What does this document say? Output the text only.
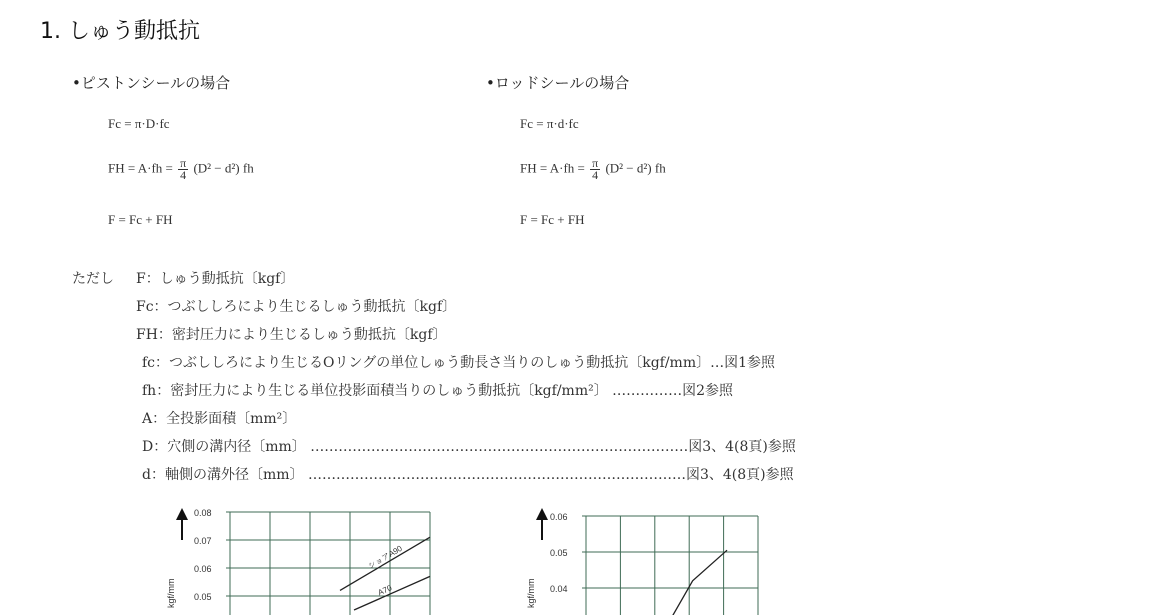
1. しゅう動抵抗
•ピストンシールの場合
Fc = π·D·fc
FH = $A\cdot fh = \frac{\pi}{4} (D^2 - d^2)$ fh
F = Fc + FH
•ロッドシールの場合
Fc = π·d·fc
FH = $A\cdot fh = \frac{\pi}{4} (D^2 - d^2)$ fh
F = Fc + FH
ただし F：しゅう動抵抗〔kgf〕
Fc：つぶししろにより生じるしゅう動抵抗〔kgf〕
FH：密封圧力により生じるしゅう動抵抗〔kgf〕
fc：つぶししろにより生じるOリングの単位しゅう動長さ当りのしゅう動抵抗〔kgf/mm〕…図1参照
fh：密封圧力により生じる単位投影面積当りのしゅう動抵抗〔kgf/mm²〕 ……………図2参照
A：全投影面積〔mm²〕
D：穴側の溝内径〔mm〕 ………………………………………………………………………図3、4(8頁)参照
d：軸側の溝外径〔mm〕 ………………………………………………………………………図3、4(8頁)参照
0.08
0.07
0.06
0.05
kgf/mm
ショアA90
A70
0.06
0.05
0.04
kgf/mm
